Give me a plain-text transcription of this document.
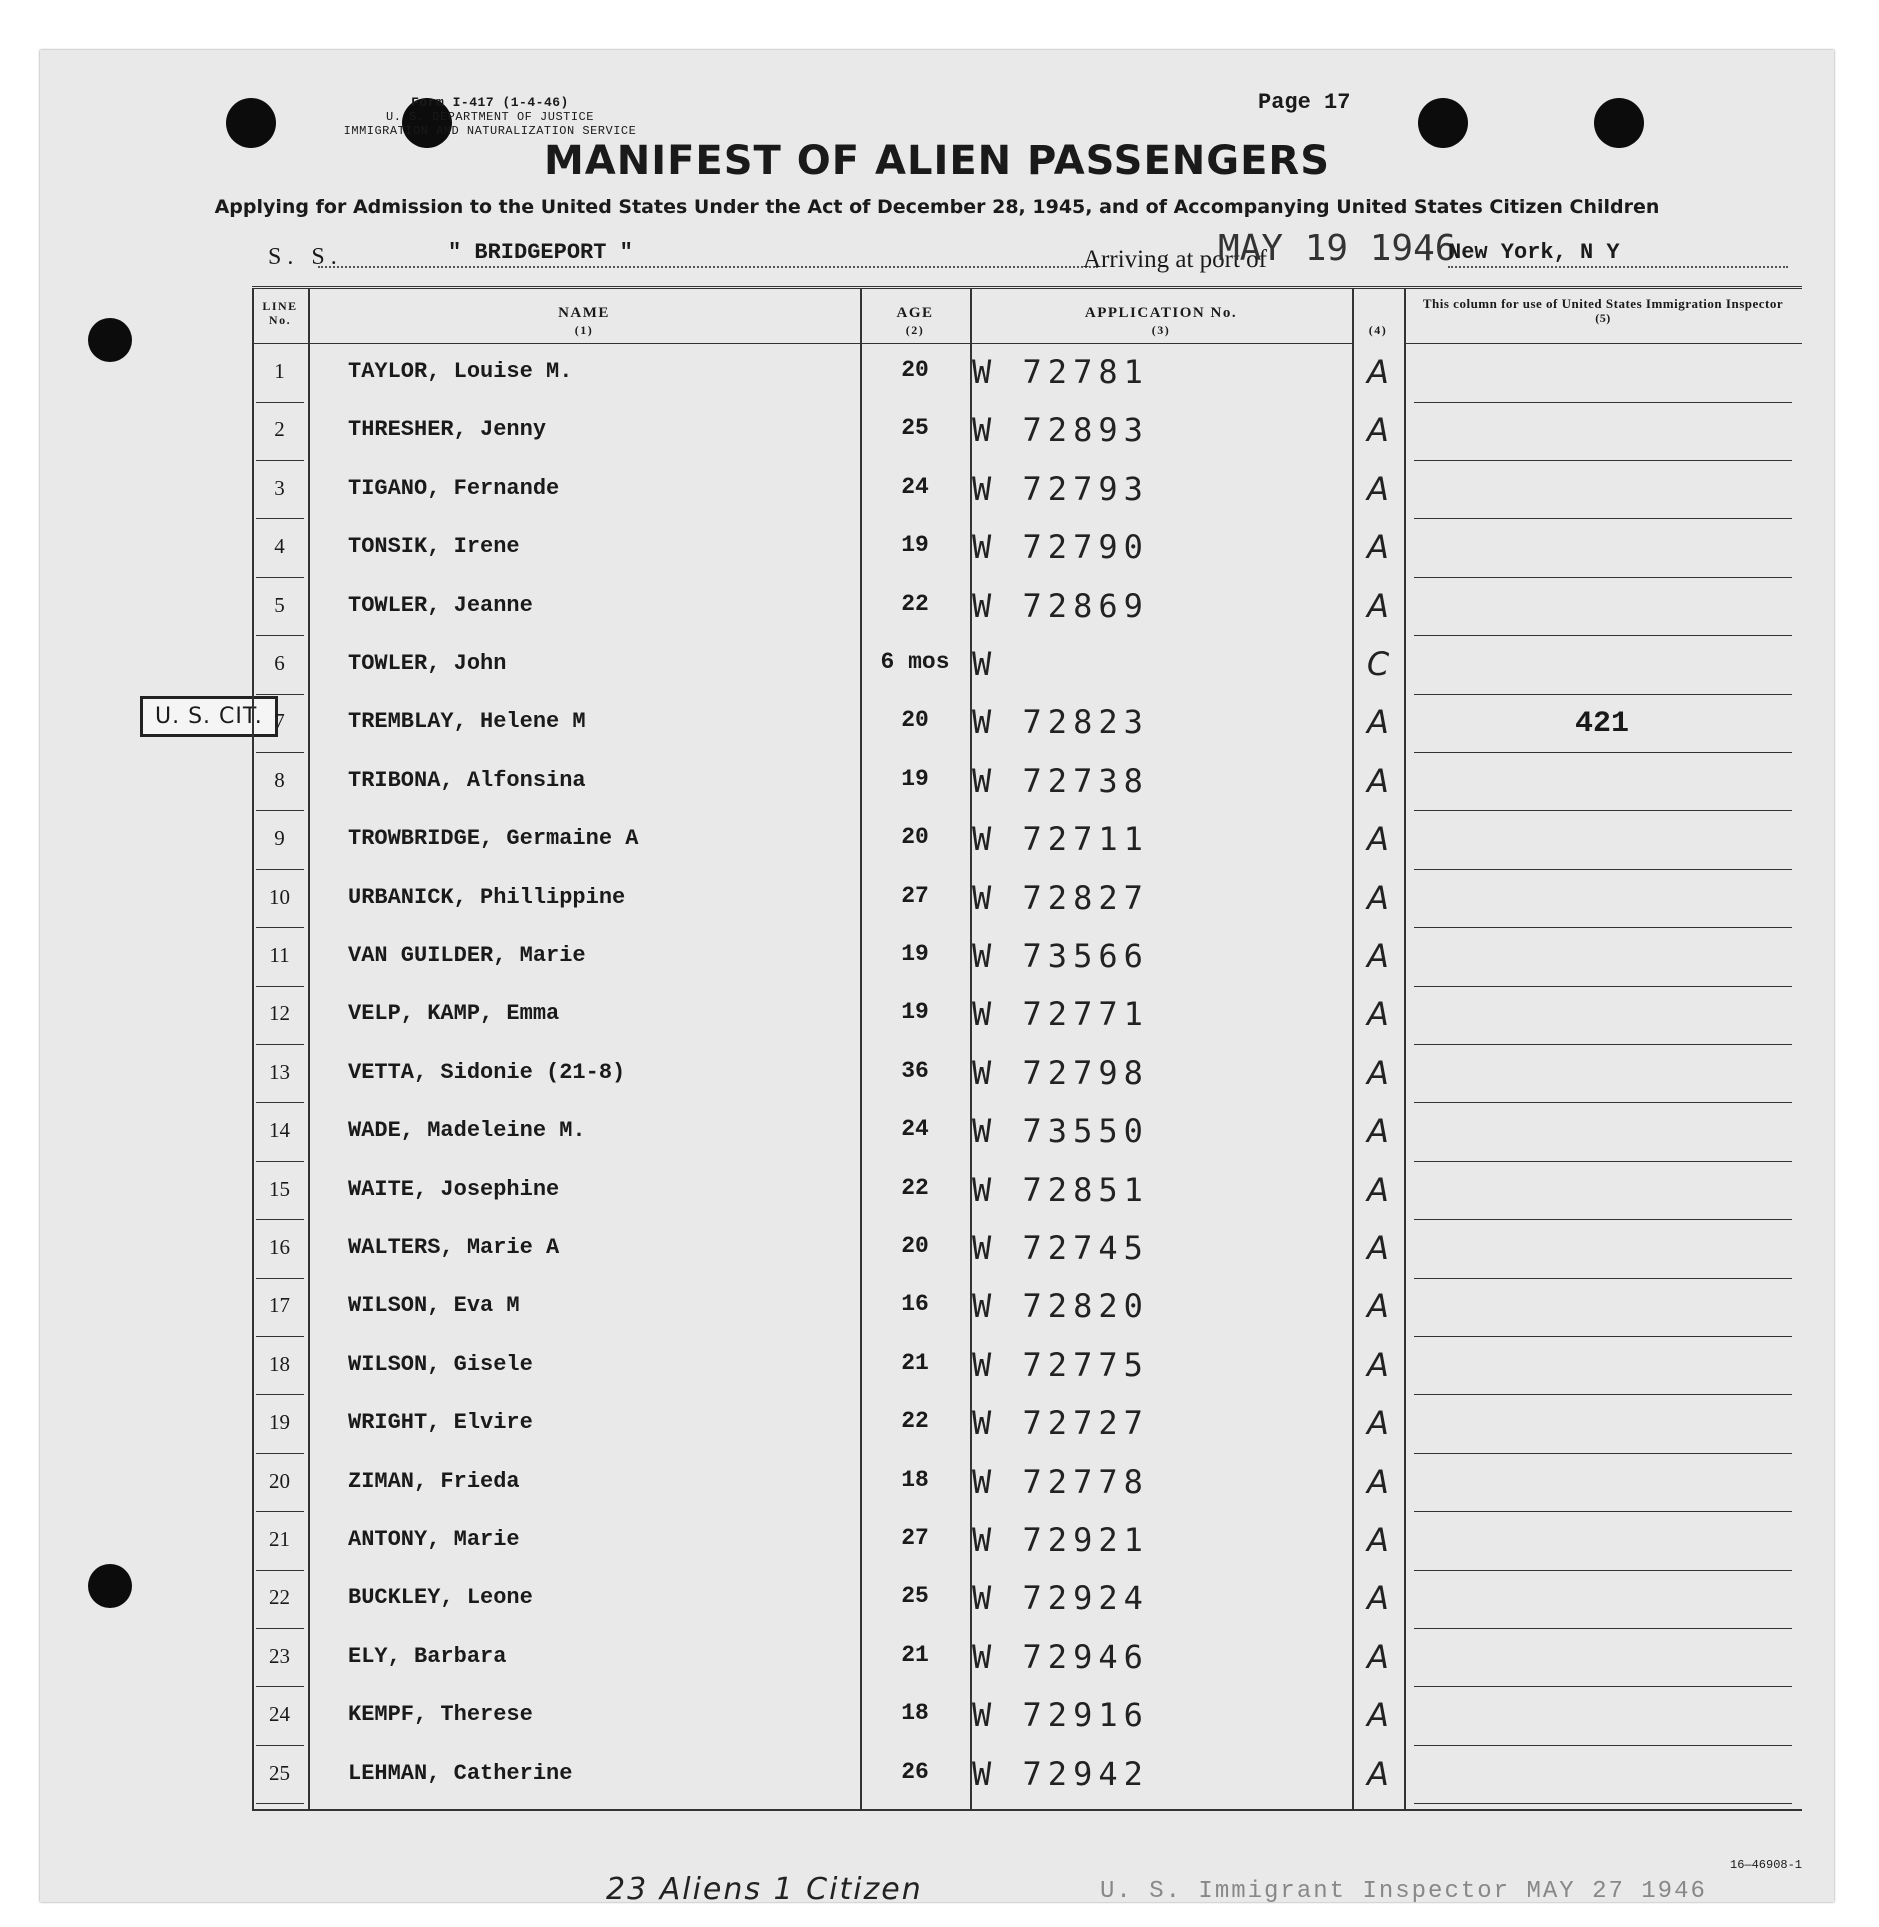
Form I-417 (1-4-46)
U. S. DEPARTMENT OF JUSTICE
IMMIGRATION AND NATURALIZATION SERVICE
Page 17
MANIFEST OF ALIEN PASSENGERS
Applying for Admission to the United States Under the Act of December 28, 1945, and of Accompanying United States Citizen Children
S. S.	" BRIDGEPORT "	Arriving at port of
MAY 19 1946
New York, N Y
U. S. CIT.
LINE No.	NAME
(1)
AGE
(2)
APPLICATION No.
(3)	(4)
This column for use of United States Immigration Inspector
(5)
1	TAYLOR, Louise M.	20	W 72781	A
2	THRESHER, Jenny	25	W 72893	A
3	TIGANO, Fernande	24	W 72793	A
4	TONSIK, Irene	19	W 72790	A
5	TOWLER, Jeanne	22	W 72869	A
6	TOWLER, John	6 mos W	C
7	TREMBLAY, Helene M	20	W 72823	A	421
8	TRIBONA, Alfonsina	19	W 72738	A
9	TROWBRIDGE, Germaine A	20	W 72711	A
10	URBANICK, Phillippine	27	W 72827	A
11	VAN GUILDER, Marie	19	W 73566	A
12	VELP, KAMP, Emma	19	W 72771	A
13	VETTA, Sidonie (21-8)	36	W 72798	A
14	WADE, Madeleine M.	24	W 73550	A
15	WAITE, Josephine	22	W 72851	A
16	WALTERS, Marie A	20	W 72745	A
17	WILSON, Eva M	16	W 72820	A
18	WILSON, Gisele	21	W 72775	A
19	WRIGHT, Elvire	22	W 72727	A
20	ZIMAN, Frieda	18	W 72778	A
21	ANTONY, Marie	27	W 72921	A
22	BUCKLEY, Leone	25	W 72924	A
23	ELY, Barbara	21	W 72946	A
24	KEMPF, Therese	18	W 72916	A
25	LEHMAN, Catherine	26	W 72942	A
16—46908-1
23 Aliens 1 Citizen	U. S. Immigrant Inspector MAY 27 1946
